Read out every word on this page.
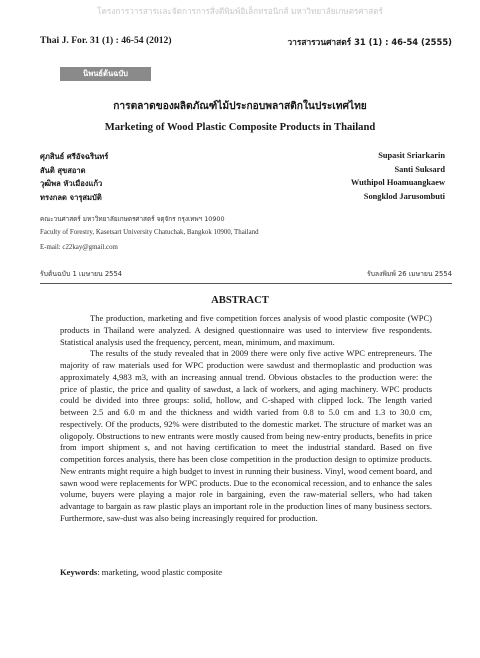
โครงการวารสารเเละจัดการการสิ่งตีพิมพ์อิเล็กทรอนิกส์ มหาวิทยาลัยเกษตรศาสตร์
Thai J. For. 31 (1) : 46-54 (2012)	วารสารวนศาสตร์ 31 (1) : 46-54 (2555)
นิพนธ์ต้นฉบับ
การตลาดของผลิตภัณฑ์ไม้ประกอบพลาสติกในประเทศไทย
Marketing of Wood Plastic Composite Products in Thailand
ศุภสินธ์ ศรีอัจฉรินทร์	Supasit Sriarkarin
สันติ สุขสอาด	Santi Suksard
วุฒิพล หัวเมืองแก้ว	Wuthipol Hoamuangkaew
ทรงกลด จารุสมบัติ	Songklod Jarusombuti
คณะวนศาสตร์ มหาวิทยาลัยเกษตรศาสตร์ จตุจักร กรุงเทพฯ 10900
Faculty of Forestry, Kasetsart University Chatuchak, Bangkok 10900, Thailand
E-mail: c22kay@gmail.com
รับต้นฉบับ 1 เมษายน 2554	รับลงพิมพ์ 26 เมษายน 2554
ABSTRACT

The production, marketing and five competition forces analysis of wood plastic composite (WPC) products in Thailand were analyzed. A designed questionnaire was used to interview five respondents. Statistical analysis used the frequency, percent, mean, minimum, and maximum.

The results of the study revealed that in 2009 there were only five active WPC entrepreneurs. The majority of raw materials used for WPC production were sawdust and thermoplastic and production was approximately 4,983 m3, with an increasing annual trend. Obvious obstacles to the production were: the price of plastic, the price and quality of sawdust, a lack of workers, and aging machinery. WPC products could be divided into three groups: solid, hollow, and C-shaped with clipped lock. The length varied between 2.5 and 6.0 m and the thickness and width varied from 0.8 to 5.0 cm and 1.3 to 30.0 cm, respectively. Of the products, 92% were distributed to the domestic market. The structure of market was an oligopoly. Obstructions to new entrants were mostly caused from being new-entry products, benefits in price from import shipment s, and not having certification to meet the industrial standard. Based on five competition forces analysis, there has been close competition in the production design to optimize products. New entrants might require a high budget to invest in running their business. Vinyl, wood cement board, and sawn wood were replacements for WPC products. Due to the economical recession, and to enhance the sales volume, buyers were playing a major role in bargaining, even the raw-material sellers, who had taken advantage to bargain as raw plastic plays an important role in the production lines of many business sectors. Furthermore, saw-dust was also being increasingly required for production.

Keywords: marketing, wood plastic composite
